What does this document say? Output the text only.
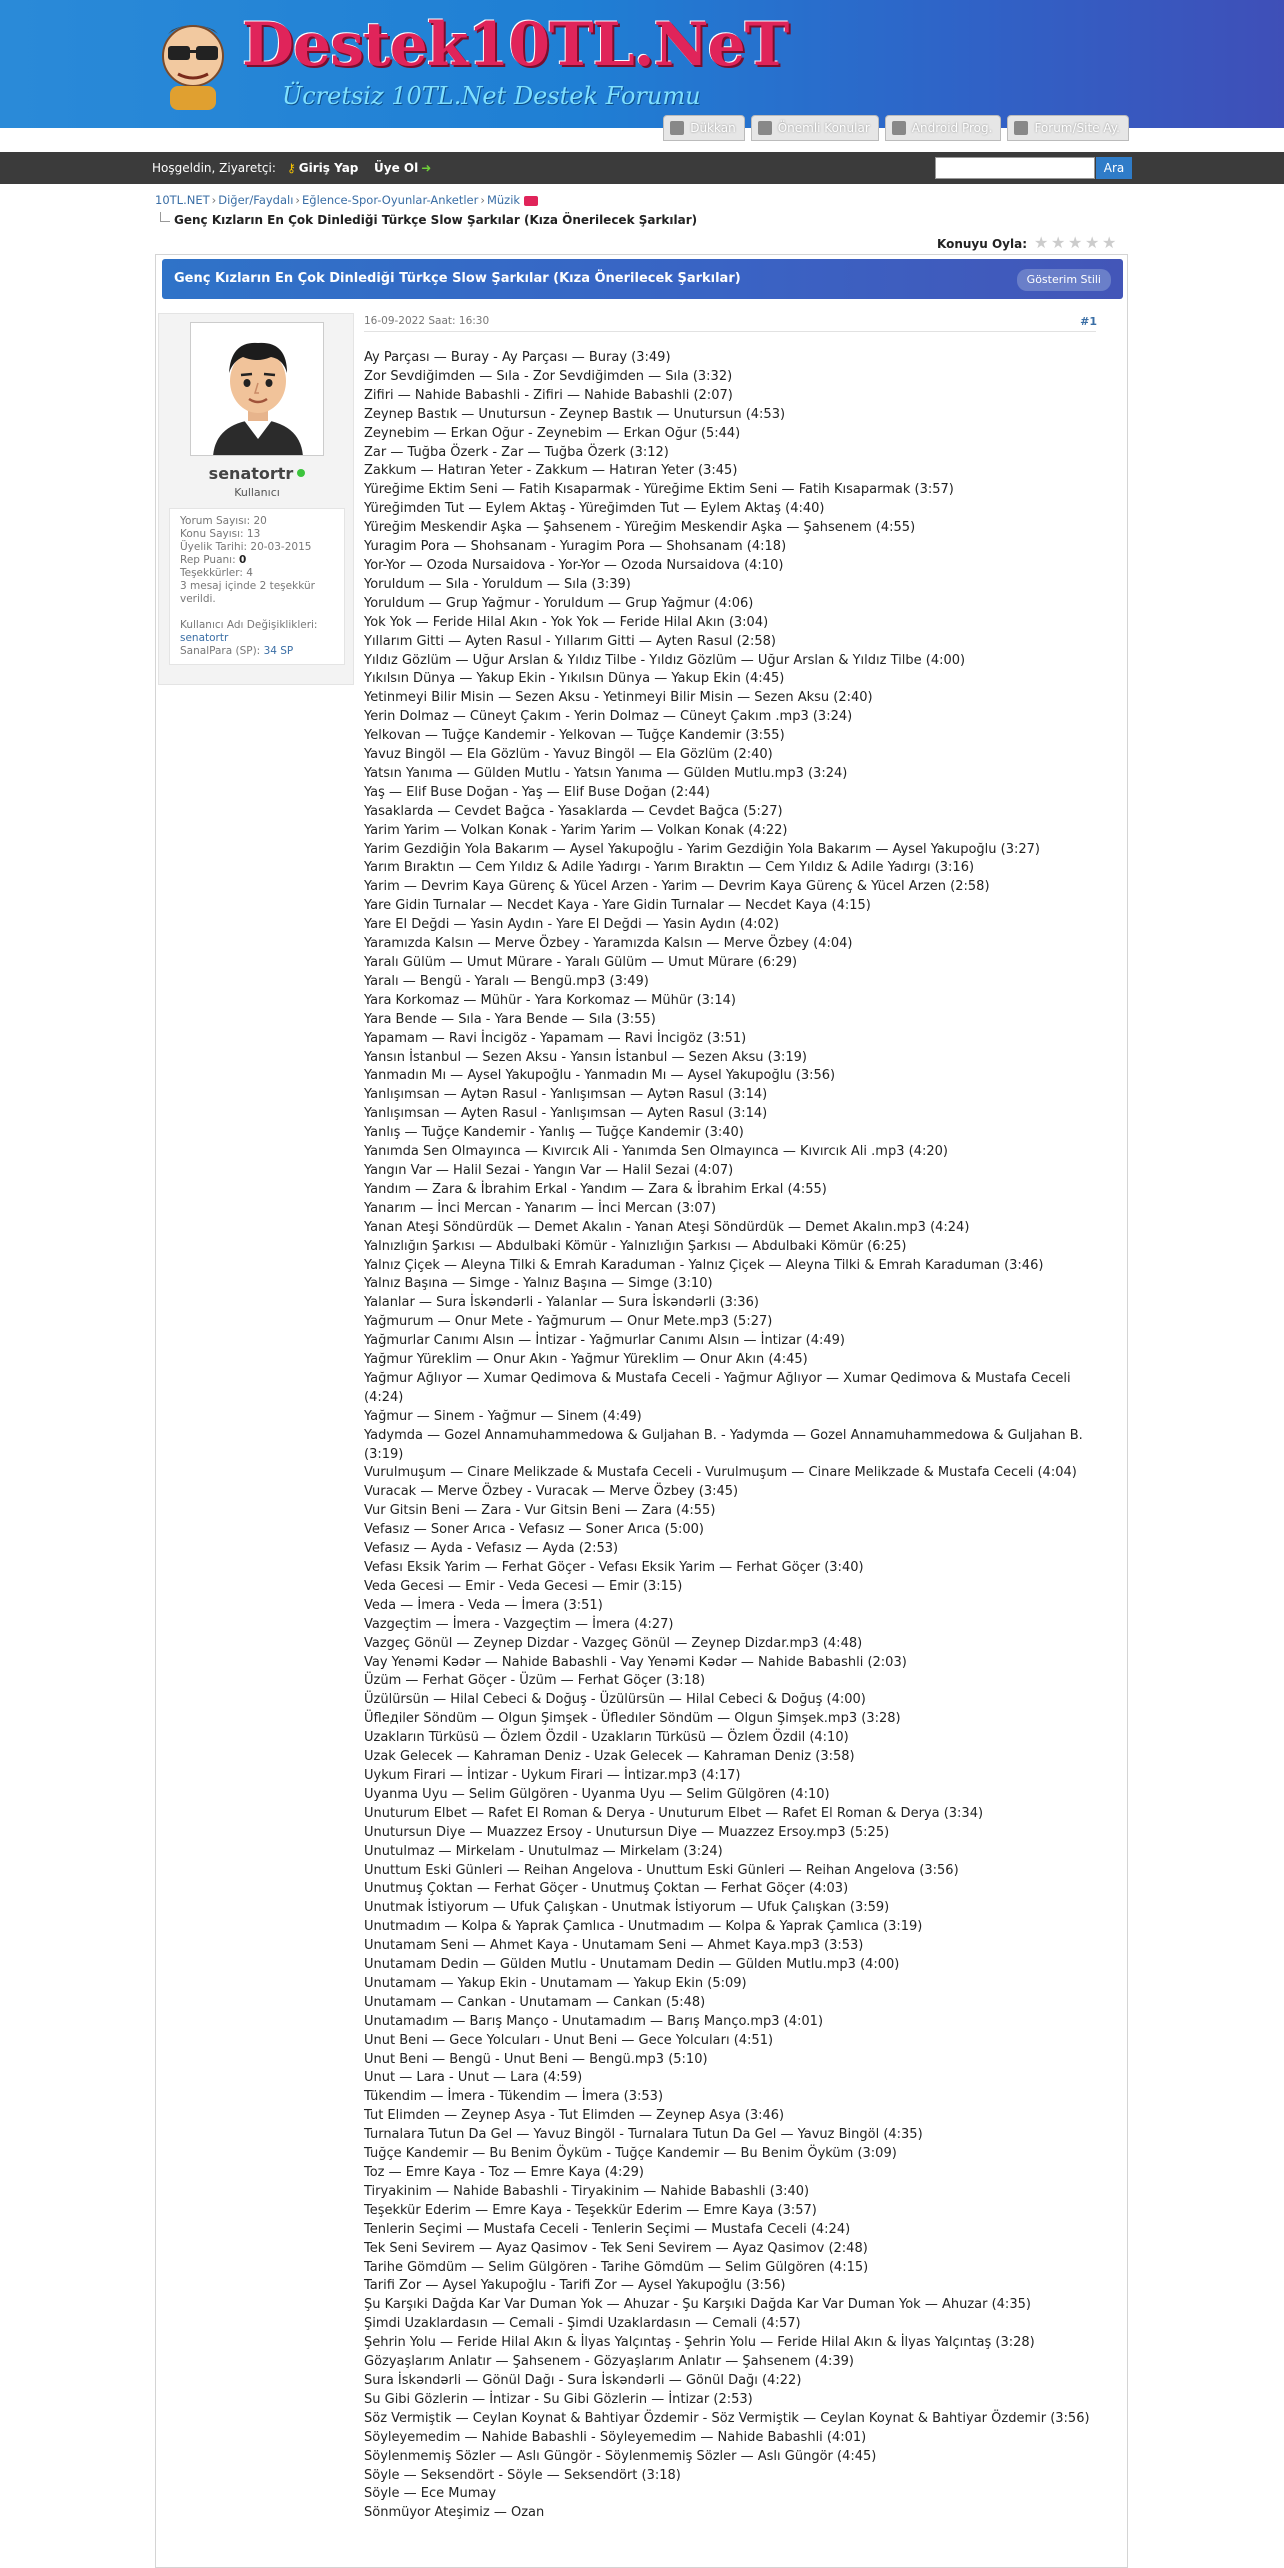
Destek10TL.NeT
Ücretsiz 10TL.Net Destek Forumu
Dükkan	Önemli Konular	Android Prog.	Forum/Site Ay.
Hoşgeldin, Ziyaretçi: ⚷ Giriş Yap Üye Ol ➜	Ara
10TL.NET › Diğer/Faydalı › Eğlence-Spor-Oyunlar-Anketler › Müzik
Genç Kızların En Çok Dinlediği Türkçe Slow Şarkılar (Kıza Önerilecek Şarkılar)
Konuyu Oyla: ★ ★ ★ ★ ★
Genç Kızların En Çok Dinlediği Türkçe Slow Şarkılar (Kıza Önerilecek Şarkılar)	Gösterim Stili
senatortr
Kullanıcı
Yorum Sayısı: 20
Konu Sayısı: 13
Üyelik Tarihi: 20-03-2015
Rep Puanı: 0
Teşekkürler: 4
3 mesaj içinde 2 teşekkür verildi.
Kullanıcı Adı Değişiklikleri:
senatortr
SanalPara (SP): 34 SP
16-09-2022 Saat: 16:30	#1
Ay Parçası — Buray - Ay Parçası — Buray (3:49)
Zor Sevdiğimden — Sıla - Zor Sevdiğimden — Sıla (3:32)
Zifiri — Nahide Babashli - Zifiri — Nahide Babashli (2:07)
Zeynep Bastık — Unutursun - Zeynep Bastık — Unutursun (4:53)
Zeynebim — Erkan Oğur - Zeynebim — Erkan Oğur (5:44)
Zar — Tuğba Özerk - Zar — Tuğba Özerk (3:12)
Zakkum — Hatıran Yeter - Zakkum — Hatıran Yeter (3:45)
Yüreğime Ektim Seni — Fatih Kısaparmak - Yüreğime Ektim Seni — Fatih Kısaparmak (3:57)
Yüreğimden Tut — Eylem Aktaş - Yüreğimden Tut — Eylem Aktaş (4:40)
Yüreğim Meskendir Aşka — Şahsenem - Yüreğim Meskendir Aşka — Şahsenem (4:55)
Yuragim Pora — Shohsanam - Yuragim Pora — Shohsanam (4:18)
Yor-Yor — Ozoda Nursaidova - Yor-Yor — Ozoda Nursaidova (4:10)
Yoruldum — Sıla - Yoruldum — Sıla (3:39)
Yoruldum — Grup Yağmur - Yoruldum — Grup Yağmur (4:06)
Yok Yok — Feride Hilal Akın - Yok Yok — Feride Hilal Akın (3:04)
Yıllarım Gitti — Ayten Rasul - Yıllarım Gitti — Ayten Rasul (2:58)
Yıldız Gözlüm — Uğur Arslan & Yıldız Tilbe - Yıldız Gözlüm — Uğur Arslan & Yıldız Tilbe (4:00)
Yıkılsın Dünya — Yakup Ekin - Yıkılsın Dünya — Yakup Ekin (4:45)
Yetinmeyi Bilir Misin — Sezen Aksu - Yetinmeyi Bilir Misin — Sezen Aksu (2:40)
Yerin Dolmaz — Cüneyt Çakım - Yerin Dolmaz — Cüneyt Çakım .mp3 (3:24)
Yelkovan — Tuğçe Kandemir - Yelkovan — Tuğçe Kandemir (3:55)
Yavuz Bingöl — Ela Gözlüm - Yavuz Bingöl — Ela Gözlüm (2:40)
Yatsın Yanıma — Gülden Mutlu - Yatsın Yanıma — Gülden Mutlu.mp3 (3:24)
Yaş — Elif Buse Doğan - Yaş — Elif Buse Doğan (2:44)
Yasaklarda — Cevdet Bağca - Yasaklarda — Cevdet Bağca (5:27)
Yarim Yarim — Volkan Konak - Yarim Yarim — Volkan Konak (4:22)
Yarim Gezdiğin Yola Bakarım — Aysel Yakupoğlu - Yarim Gezdiğin Yola Bakarım — Aysel Yakupoğlu (3:27)
Yarım Bıraktın — Cem Yıldız & Adile Yadırgı - Yarım Bıraktın — Cem Yıldız & Adile Yadırgı (3:16)
Yarim — Devrim Kaya Gürenç & Yücel Arzen - Yarim — Devrim Kaya Gürenç & Yücel Arzen (2:58)
Yare Gidin Turnalar — Necdet Kaya - Yare Gidin Turnalar — Necdet Kaya (4:15)
Yare El Değdi — Yasin Aydın - Yare El Değdi — Yasin Aydın (4:02)
Yaramızda Kalsın — Merve Özbey - Yaramızda Kalsın — Merve Özbey (4:04)
Yaralı Gülüm — Umut Mürare - Yaralı Gülüm — Umut Mürare (6:29)
Yaralı — Bengü - Yaralı — Bengü.mp3 (3:49)
Yara Korkomaz — Mühür - Yara Korkomaz — Mühür (3:14)
Yara Bende — Sıla - Yara Bende — Sıla (3:55)
Yapamam — Ravi İncigöz - Yapamam — Ravi İncigöz (3:51)
Yansın İstanbul — Sezen Aksu - Yansın İstanbul — Sezen Aksu (3:19)
Yanmadın Mı — Aysel Yakupoğlu - Yanmadın Mı — Aysel Yakupoğlu (3:56)
Yanlışımsan — Aytən Rasul - Yanlışımsan — Aytən Rasul (3:14)
Yanlışımsan — Ayten Rasul - Yanlışımsan — Ayten Rasul (3:14)
Yanlış — Tuğçe Kandemir - Yanlış — Tuğçe Kandemir (3:40)
Yanımda Sen Olmayınca — Kıvırcık Ali - Yanımda Sen Olmayınca — Kıvırcık Ali .mp3 (4:20)
Yangın Var — Halil Sezai - Yangın Var — Halil Sezai (4:07)
Yandım — Zara & İbrahim Erkal - Yandım — Zara & İbrahim Erkal (4:55)
Yanarım — İnci Mercan - Yanarım — İnci Mercan (3:07)
Yanan Ateşi Söndürdük — Demet Akalın - Yanan Ateşi Söndürdük — Demet Akalın.mp3 (4:24)
Yalnızlığın Şarkısı — Abdulbaki Kömür - Yalnızlığın Şarkısı — Abdulbaki Kömür (6:25)
Yalnız Çiçek — Aleyna Tilki & Emrah Karaduman - Yalnız Çiçek — Aleyna Tilki & Emrah Karaduman (3:46)
Yalnız Başına — Simge - Yalnız Başına — Simge (3:10)
Yalanlar — Sura İskəndərli - Yalanlar — Sura İskəndərli (3:36)
Yağmurum — Onur Mete - Yağmurum — Onur Mete.mp3 (5:27)
Yağmurlar Canımı Alsın — İntizar - Yağmurlar Canımı Alsın — İntizar (4:49)
Yağmur Yüreklim — Onur Akın - Yağmur Yüreklim — Onur Akın (4:45)
Yağmur Ağlıyor — Xumar Qedimova & Mustafa Ceceli - Yağmur Ağlıyor — Xumar Qedimova & Mustafa Ceceli (4:24)
Yağmur — Sinem - Yağmur — Sinem (4:49)
Yadymda — Gozel Annamuhammedowa & Guljahan B. - Yadymda — Gozel Annamuhammedowa & Guljahan B. (3:19)
Vurulmuşum — Cinare Melikzade & Mustafa Ceceli - Vurulmuşum — Cinare Melikzade & Mustafa Ceceli (4:04)
Vuracak — Merve Özbey - Vuracak — Merve Özbey (3:45)
Vur Gitsin Beni — Zara - Vur Gitsin Beni — Zara (4:55)
Vefasız — Soner Arıca - Vefasız — Soner Arıca (5:00)
Vefasız — Ayda - Vefasız — Ayda (2:53)
Vefası Eksik Yarim — Ferhat Göçer - Vefası Eksik Yarim — Ferhat Göçer (3:40)
Veda Gecesi — Emir - Veda Gecesi — Emir (3:15)
Veda — İmera - Veda — İmera (3:51)
Vazgeçtim — İmera - Vazgeçtim — İmera (4:27)
Vazgeç Gönül — Zeynep Dizdar - Vazgeç Gönül — Zeynep Dizdar.mp3 (4:48)
Vay Yenəmi Kədər — Nahide Babashli - Vay Yenəmi Kədər — Nahide Babashli (2:03)
Üzüm — Ferhat Göçer - Üzüm — Ferhat Göçer (3:18)
Üzülürsün — Hilal Cebeci & Doğuş - Üzülürsün — Hilal Cebeci & Doğuş (4:00)
Üfleдiler Söndüm — Olgun Şimşek - Üfledıler Söndüm — Olgun Şimşek.mp3 (3:28)
Uzakların Türküsü — Özlem Özdil - Uzakların Türküsü — Özlem Özdil (4:10)
Uzak Gelecek — Kahraman Deniz - Uzak Gelecek — Kahraman Deniz (3:58)
Uykum Firari — İntizar - Uykum Firari — İntizar.mp3 (4:17)
Uyanma Uyu — Selim Gülgören - Uyanma Uyu — Selim Gülgören (4:10)
Unuturum Elbet — Rafet El Roman & Derya - Unuturum Elbet — Rafet El Roman & Derya (3:34)
Unutursun Diye — Muazzez Ersoy - Unutursun Diye — Muazzez Ersoy.mp3 (5:25)
Unutulmaz — Mirkelam - Unutulmaz — Mirkelam (3:24)
Unuttum Eski Günleri — Reihan Angelova - Unuttum Eski Günleri — Reihan Angelova (3:56)
Unutmuş Çoktan — Ferhat Göçer - Unutmuş Çoktan — Ferhat Göçer (4:03)
Unutmak İstiyorum — Ufuk Çalışkan - Unutmak İstiyorum — Ufuk Çalışkan (3:59)
Unutmadım — Kolpa & Yaprak Çamlıca - Unutmadım — Kolpa & Yaprak Çamlıca (3:19)
Unutamam Seni — Ahmet Kaya - Unutamam Seni — Ahmet Kaya.mp3 (3:53)
Unutamam Dedin — Gülden Mutlu - Unutamam Dedin — Gülden Mutlu.mp3 (4:00)
Unutamam — Yakup Ekin - Unutamam — Yakup Ekin (5:09)
Unutamam — Cankan - Unutamam — Cankan (5:48)
Unutamadım — Barış Manço - Unutamadım — Barış Manço.mp3 (4:01)
Unut Beni — Gece Yolcuları - Unut Beni — Gece Yolcuları (4:51)
Unut Beni — Bengü - Unut Beni — Bengü.mp3 (5:10)
Unut — Lara - Unut — Lara (4:59)
Tükendim — İmera - Tükendim — İmera (3:53)
Tut Elimden — Zeynep Asya - Tut Elimden — Zeynep Asya (3:46)
Turnalara Tutun Da Gel — Yavuz Bingöl - Turnalara Tutun Da Gel — Yavuz Bingöl (4:35)
Tuğçe Kandemir — Bu Benim Öyküm - Tuğçe Kandemir — Bu Benim Öyküm (3:09)
Toz — Emre Kaya - Toz — Emre Kaya (4:29)
Tiryakinim — Nahide Babashli - Tiryakinim — Nahide Babashli (3:40)
Teşekkür Ederim — Emre Kaya - Teşekkür Ederim — Emre Kaya (3:57)
Tenlerin Seçimi — Mustafa Ceceli - Tenlerin Seçimi — Mustafa Ceceli (4:24)
Tek Seni Sevirem — Ayaz Qasimov - Tek Seni Sevirem — Ayaz Qasimov (2:48)
Tarihe Gömdüm — Selim Gülgören - Tarihe Gömdüm — Selim Gülgören (4:15)
Tarifi Zor — Aysel Yakupoğlu - Tarifi Zor — Aysel Yakupoğlu (3:56)
Şu Karşıki Dağda Kar Var Duman Yok — Ahuzar - Şu Karşıki Dağda Kar Var Duman Yok — Ahuzar (4:35)
Şimdi Uzaklardasın — Cemali - Şimdi Uzaklardasın — Cemali (4:57)
Şehrin Yolu — Feride Hilal Akın & İlyas Yalçıntaş - Şehrin Yolu — Feride Hilal Akın & İlyas Yalçıntaş (3:28)
Gözyaşlarım Anlatır — Şahsenem - Gözyaşlarım Anlatır — Şahsenem (4:39)
Sura İskəndərli — Gönül Dağı - Sura İskəndərli — Gönül Dağı (4:22)
Su Gibi Gözlerin — İntizar - Su Gibi Gözlerin — İntizar (2:53)
Söz Vermiştik — Ceylan Koynat & Bahtiyar Özdemir - Söz Vermiştik — Ceylan Koynat & Bahtiyar Özdemir (3:56)
Söyleyemedim — Nahide Babashli - Söyleyemedim — Nahide Babashli (4:01)
Söylenmemiş Sözler — Aslı Güngör - Söylenmemiş Sözler — Aslı Güngör (4:45)
Söyle — Seksendört - Söyle — Seksendört (3:18)
Söyle — Ece Mumay
Sönmüyor Ateşimiz — Ozan
